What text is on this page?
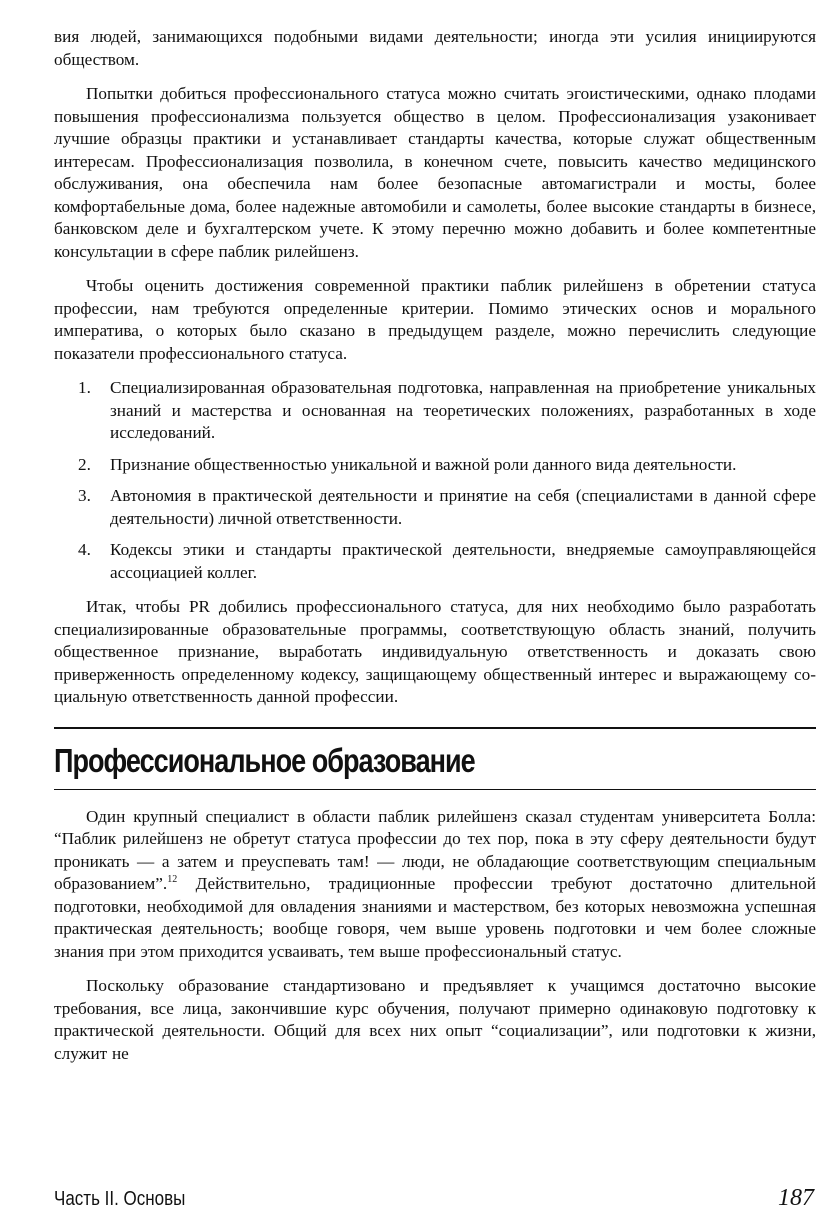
вия людей, занимающихся подобными видами деятельности; иногда эти усилия инициируются обществом.

Попытки добиться профессионального статуса можно считать эгоистическими, однако плодами повышения профессионализма пользуется общество в целом. Профессионализация узаконивает лучшие образцы практики и устанавливает стандарты качества, которые служат общественным интересам. Профессионализация позволила, в конечном счете, повысить качество медицинского обслуживания, она обеспечила нам более безопасные автомагистрали и мосты, более комфортабельные дома, более надежные автомобили и самолеты, более высокие стандарты в бизнесе, банковском деле и бухгалтерском учете. К этому перечню можно добавить и более компетентные консультации в сфере паблик рилейшенз.

Чтобы оценить достижения современной практики паблик рилейшенз в обретении статуса профессии, нам требуются определенные критерии. Помимо этических основ и морального императива, о которых было сказано в предыдущем разделе, можно перечислить следующие показатели профессионального статуса.

1.	Специализированная образовательная подготовка, направленная на приобретение уникальных знаний и мастерства и основанная на теоретических положениях, разработанных в ходе исследований.
2.	Признание общественностью уникальной и важной роли данного вида деятельности.
3.	Автономия в практической деятельности и принятие на себя (специалистами в данной сфере деятельности) личной ответственности.
4.	Кодексы этики и стандарты практической деятельности, внедряемые самоуправляющейся ассоциацией коллег.

Итак, чтобы PR добились профессионального статуса, для них необходимо было разработать специализированные образовательные программы, соответствующую область знаний, получить общественное признание, выработать индивидуальную ответственность и доказать свою приверженность определенному кодексу, защищающему общественный интерес и выражающему социальную ответственность данной профессии.

Профессиональное образование

Один крупный специалист в области паблик рилейшенз сказал студентам университета Болла: “Паблик рилейшенз не обретут статуса профессии до тех пор, пока в эту сферу деятельности будут проникать — а затем и преуспевать там! — люди, не обладающие соответствующим специальным образованием”.$^{12}$ Действительно, традиционные профессии требуют достаточно длительной подготовки, необходимой для овладения знаниями и мастерством, без которых невозможна успешная практическая деятельность; вообще говоря, чем выше уровень подготовки и чем более сложные знания при этом приходится усваивать, тем выше профессиональный статус.

Поскольку образование стандартизовано и предъявляет к учащимся достаточно высокие требования, все лица, закончившие курс обучения, получают примерно одинаковую подготовку к практической деятельности. Общий для всех них опыт “социализации”, или подготовки к жизни, служит не

Часть II. Основы	187
